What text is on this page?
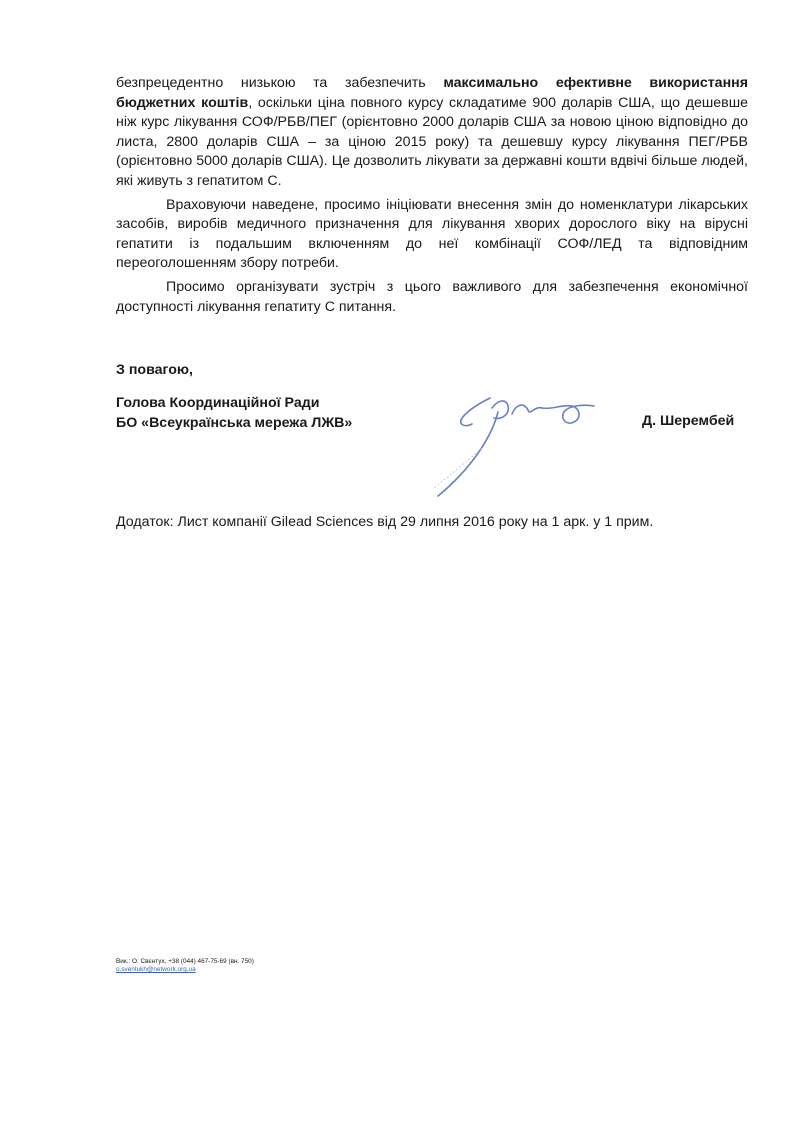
безпрецедентно низькою та забезпечить максимально ефективне використання бюджетних коштів, оскільки ціна повного курсу складатиме 900 доларів США, що дешевше ніж курс лікування СОФ/РБВ/ПЕГ (орієнтовно 2000 доларів США за новою ціною відповідно до листа, 2800 доларів США – за ціною 2015 року) та дешевшу курсу лікування ПЕГ/РБВ (орієнтовно 5000 доларів США). Це дозволить лікувати за державні кошти вдвічі більше людей, які живуть з гепатитом С.

Враховуючи наведене, просимо ініціювати внесення змін до номенклатури лікарських засобів, виробів медичного призначення для лікування хворих дорослого віку на вірусні гепатити із подальшим включенням до неї комбінації СОФ/ЛЕД та відповідним переоголошенням збору потреби.

Просимо організувати зустріч з цього важливого для забезпечення економічної доступності лікування гепатиту С питання.

З повагою,
Голова Координаційної Ради
БО «Всеукраїнська мережа ЛЖВ»	Д. Шерембей
Додаток: Лист компанії Gilead Sciences від 29 липня 2016 року на 1 арк. у 1 прим.
Вик.: О. Свєнтух, +38 (044) 467-75-69 (вн. 750)
o.sventukh@network.org.ua
